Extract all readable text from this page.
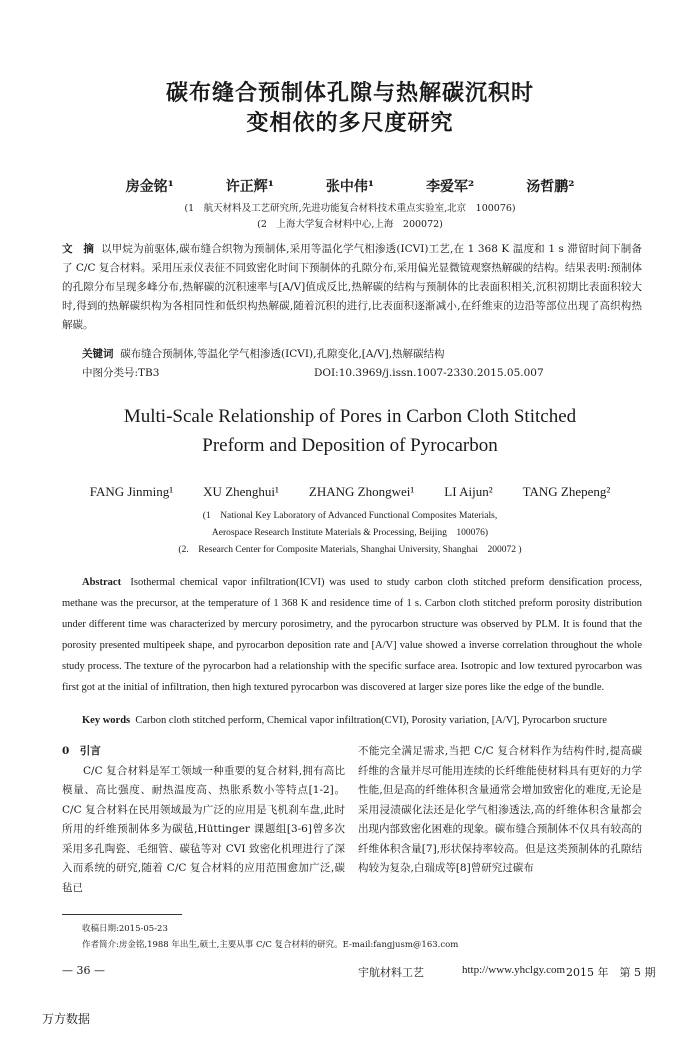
碳布缝合预制体孔隙与热解碳沉积时
变相依的多尺度研究
房金铭¹	许正辉¹	张中伟¹	李爱军²	汤哲鹏²
(1　航天材料及工艺研究所,先进功能复合材料技术重点实验室,北京　100076)
(2　上海大学复合材料中心,上海　200072)
文　摘 以甲烷为前驱体,碳布缝合织物为预制体,采用等温化学气相渗透(ICVI)工艺,在 1 368 K 温度和 1 s 滞留时间下制备了 C/C 复合材料。采用压汞仪表征不同致密化时间下预制体的孔隙分布,采用偏光显微镜观察热解碳的结构。结果表明:预制体的孔隙分布呈现多峰分布,热解碳的沉积速率与[A/V]值成反比,热解碳的结构与预制体的比表面积相关,沉积初期比表面积较大时,得到的热解碳织构为各相同性和低织构热解碳,随着沉积的进行,比表面积逐渐减小,在纤维束的边沿等部位出现了高织构热解碳。
关键词 碳布缝合预制体,等温化学气相渗透(ICVI),孔隙变化,[A/V],热解碳结构
中图分类号:TB3	DOI:10.3969/j.issn.1007-2330.2015.05.007
Multi-Scale Relationship of Pores in Carbon Cloth Stitched
Preform and Deposition of Pyrocarbon
FANG Jinming¹ XU Zhenghui¹ ZHANG Zhongwei¹ LI Aijun² TANG Zhepeng²
(1　National Key Laboratory of Advanced Functional Composites Materials,
Aerospace Research Institute Materials & Processing, Beijing　100076)
(2.　Research Center for Composite Materials, Shanghai University, Shanghai　200072 )
Abstract Isothermal chemical vapor infiltration(ICVI) was used to study carbon cloth stitched preform densification process, methane was the precursor, at the temperature of 1 368 K and residence time of 1 s. Carbon cloth stitched preform porosity distribution under different time was characterized by mercury porosimetry, and the pyrocarbon structure was observed by PLM. It is found that the porosity presented multipeek shape, and pyrocarbon deposition rate and [A/V] value showed a inverse correlation throughout the whole study process. The texture of the pyrocarbon had a relationship with the specific surface area. Isotropic and low textured pyrocarbon was first got at the initial of infiltration, then high textured pyrocarbon was discovered at larger size pores like the edge of the bundle.
Key words Carbon cloth stitched perform, Chemical vapor infiltration(CVI), Porosity variation, [A/V], Pyrocarbon sructure
0　引言
C/C 复合材料是军工领域一种重要的复合材料,拥有高比模量、高比强度、耐热温度高、热胀系数小等特点[1-2]。C/C 复合材料在民用领域最为广泛的应用是飞机刹车盘,此时所用的纤维预制体多为碳毡,Hüttinger 课题组[3-6]曾多次采用多孔陶瓷、毛细管、碳毡等对 CVI 致密化机理进行了深入而系统的研究,随着 C/C 复合材料的应用范围愈加广泛,碳毡已
不能完全满足需求,当把 C/C 复合材料作为结构件时,提高碳纤维的含量并尽可能用连续的长纤维能使材料具有更好的力学性能,但是高的纤维体积含量通常会增加致密化的难度,无论是采用浸渍碳化法还是化学气相渗透法,高的纤维体积含量都会出现内部致密化困难的现象。碳布缝合预制体不仅具有较高的纤维体积含量[7],形状保持率较高。但是这类预制体的孔隙结构较为复杂,白瑞成等[8]曾研究过碳布
收稿日期:2015-05-23
作者简介:房金铭,1988 年出生,硕士,主要从事 C/C 复合材料的研究。E-mail:fangjusm@163.com
— 36 —	宇航材料工艺	http://www.yhclgy.com 2015 年　第 5 期
万方数据
